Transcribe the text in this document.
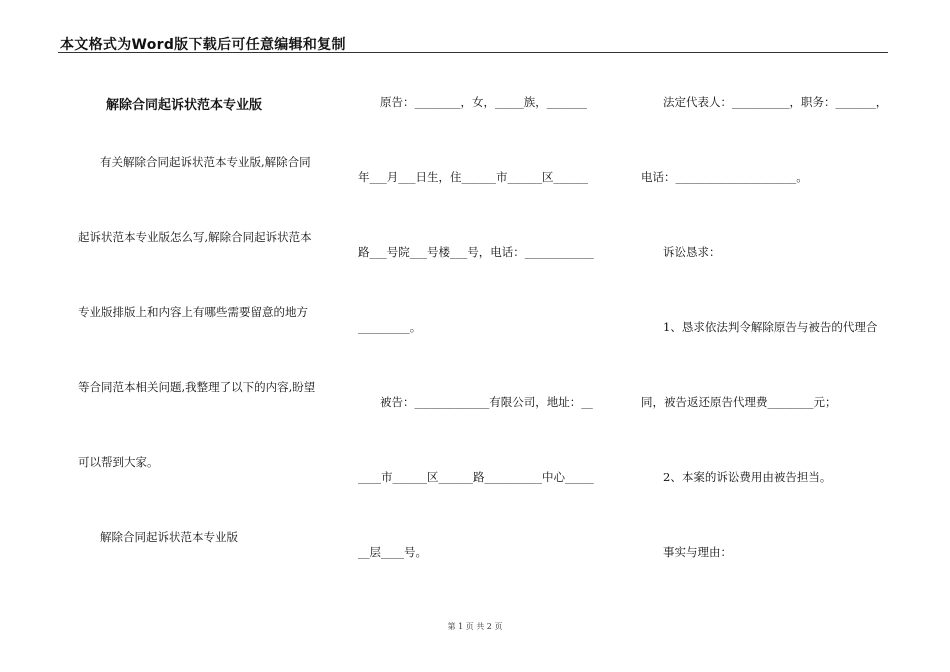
本文格式为Word版下载后可任意编辑和复制
解除合同起诉状范本专业版
有关解除合同起诉状范本专业版,解除合同
起诉状范本专业版怎么写,解除合同起诉状范本
专业版排版上和内容上有哪些需要留意的地方
等合同范本相关问题,我整理了以下的内容,盼望
可以帮到大家。
解除合同起诉状范本专业版
原告：________，女，_____族，_______
年___月___日生，住______市______区______
路___号院___号楼___号，电话：____________
_________。
被告：_____________有限公司，地址：__
____市______区______路__________中心_____
__层____号。
法定代表人：__________，职务：_______，
电话：_____________________。
诉讼恳求：
1、恳求依法判令解除原告与被告的代理合
同，被告返还原告代理费________元；
2、本案的诉讼费用由被告担当。
事实与理由：
第 1 页 共 2 页
